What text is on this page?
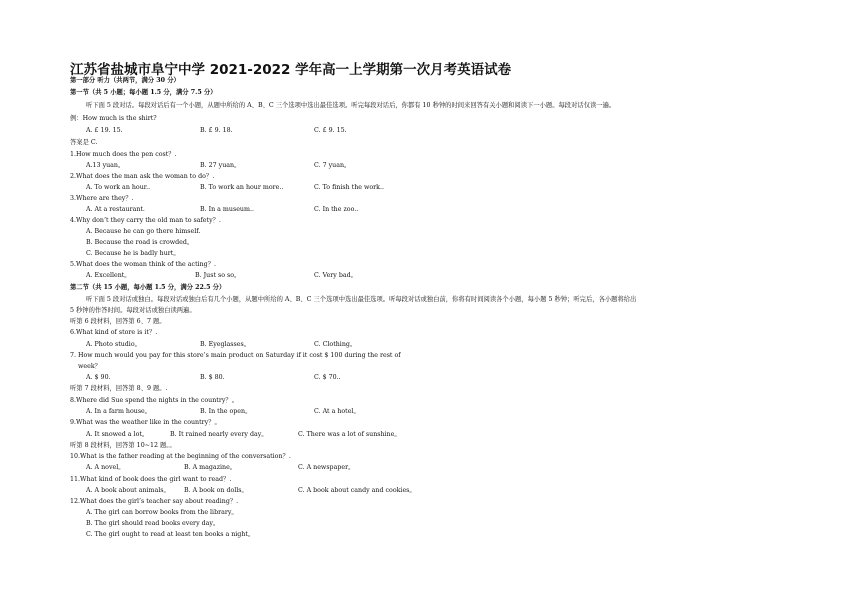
江苏省盐城市阜宁中学 2021-2022 学年高一上学期第一次月考英语试卷
第一部分 听力（共两节，满分 30 分）
第一节（共 5 小题；每小题 1.5 分，满分 7.5 分）
听下面 5 段对话。每段对话后有一个小题，从题中所给的 A、B、C 三个选项中选出最佳选项。听完每段对话后，你都有 10 秒钟的时间来回答有关小题和阅读下一小题。每段对话仅读一遍。
例：How much is the shirt?
A. £ 19. 15.	B. £ 9. 18.	C. £ 9. 15.
答案是 C.
1.How much does the pen cost？.
A.13 yuan。	B. 27 yuan。	C. 7 yuan。
2.What does the man ask the woman to do？.
A. To work an hour..	B. To work an hour more..	C. To finish the work..
3.Where are they？.
A. At a restaurant.	B. In a museum..	C. In the zoo..
4.Why don’t they carry the old man to safety？.
A. Because he can go there himself.
B. Because the road is crowded。
C. Because he is badly hurt。
5.What does the woman think of the acting？.
A. Excellent。	B. Just so so。	C. Very bad。
第二节（共 15 小题，每小题 1.5 分，满分 22.5 分）
听下面 5 段对话或独白。每段对话或独白后有几个小题，从题中所给的 A、B、C 三个选项中选出最佳选项。听每段对话或独白前，你将有时间阅读各个小题，每小题 5 秒钟；听完后，各小题将给出
5 秒钟的作答时间。每段对话或独白读两遍。
听第 6 段材料，回答第 6、7 题。
6.What kind of store is it？.
A. Photo studio。	B. Eyeglasses。	C. Clothing。
7. How much would you pay for this store’s main product on Saturday if it cost $ 100 during the rest of
week？
A. $ 90.	B. $ 80.	C. $ 70..
听第 7 段材料，回答第 8、9 题。.
8.Where did Sue spend the nights in the country？。
A. In a farm house。	B. In the open。	C. At a hotel。
9.What was the weather like in the country？。
A. It snowed a lot。	B. It rained nearly every day。	C. There was a lot of sunshine。
听第 8 段材料，回答第 10~12 题。。
10.What is the father reading at the beginning of the conversation？.
A. A novel。	B. A magazine。	C. A newspaper。
11.What kind of book does the girl want to read？.
A. A book about animals。 B. A book on dolls。	C. A book about candy and cookies。
12.What does the girl’s teacher say about reading？.
A. The girl can borrow books from the library。
B. The girl should read books every day。
C. The girl ought to read at least ten books a night。
